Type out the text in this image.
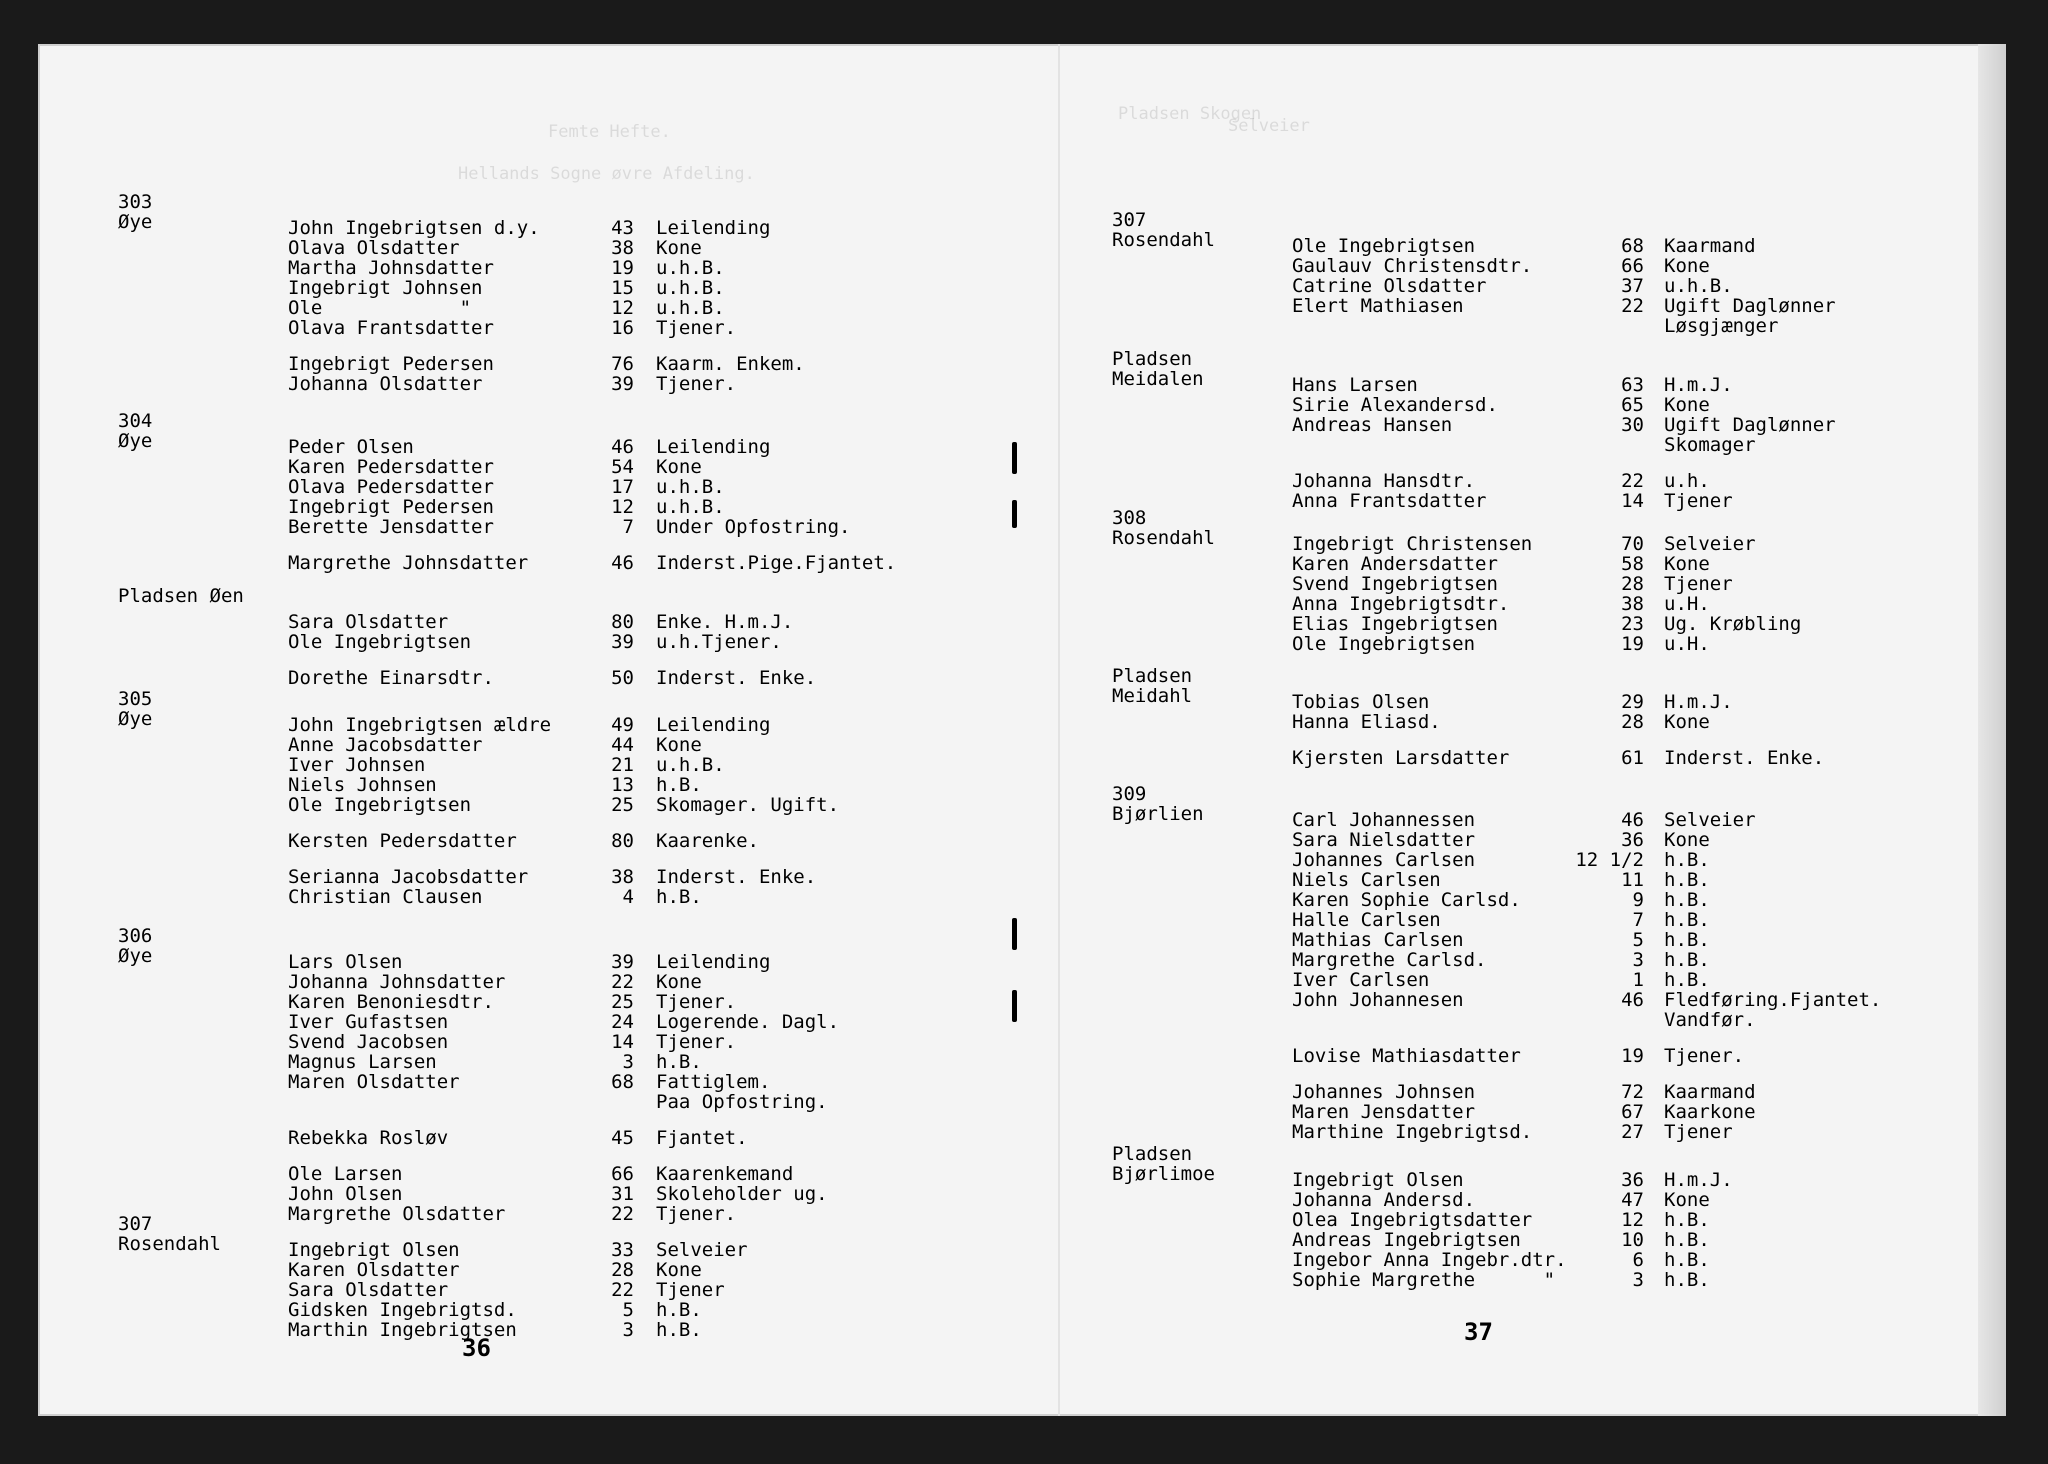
Femte Hefte.
Hellands Sogne øvre Afdeling.
Pladsen Skogen
Selveier
303
Øye	John Ingebrigtsen d.y.	43 Leilending
Olava Olsdatter	38 Kone
Martha Johnsdatter	19 u.h.B.
Ingebrigt Johnsen	15 u.h.B.
Ole            "	12 u.h.B.
Olava Frantsdatter	16 Tjener.
Ingebrigt Pedersen	76 Kaarm. Enkem.
Johanna Olsdatter	39 Tjener.
304
Øye	Peder Olsen	46 Leilending
Karen Pedersdatter	54 Kone
Olava Pedersdatter	17 u.h.B.
Ingebrigt Pedersen	12 u.h.B.
Berette Jensdatter	7 Under Opfostring.
Margrethe Johnsdatter	46 Inderst.Pige.Fjantet.
Pladsen Øen
Sara Olsdatter	80 Enke. H.m.J.
Ole Ingebrigtsen	39 u.h.Tjener.
Dorethe Einarsdtr.	50 Inderst. Enke.
305
Øye	John Ingebrigtsen ældre	49 Leilending
Anne Jacobsdatter	44 Kone
Iver Johnsen	21 u.h.B.
Niels Johnsen	13 h.B.
Ole Ingebrigtsen	25 Skomager. Ugift.
Kersten Pedersdatter	80 Kaarenke.
Serianna Jacobsdatter	38 Inderst. Enke.
Christian Clausen	4 h.B.
306
Øye	Lars Olsen	39 Leilending
Johanna Johnsdatter	22 Kone
Karen Benoniesdtr.	25 Tjener.
Iver Gufastsen	24 Logerende. Dagl.
Svend Jacobsen	14 Tjener.
Magnus Larsen	3 h.B.
Maren Olsdatter	68 Fattiglem.
Paa Opfostring.
Rebekka Rosløv	45 Fjantet.
Ole Larsen	66 Kaarenkemand
John Olsen	31 Skoleholder ug.
Margrethe Olsdatter	22 Tjener.
307
Rosendahl	Ingebrigt Olsen	33 Selveier
Karen Olsdatter	28 Kone
Sara Olsdatter	22 Tjener
Gidsken Ingebrigtsd.	5 h.B.
Marthin Ingebrigtsen	3 h.B.
307
Rosendahl	Ole Ingebrigtsen	68 Kaarmand
Gaulauv Christensdtr.	66 Kone
Catrine Olsdatter	37 u.h.B.
Elert Mathiasen	22 Ugift Daglønner
Løsgjænger
Pladsen
Meidalen	Hans Larsen	63 H.m.J.
Sirie Alexandersd.	65 Kone
Andreas Hansen	30 Ugift Daglønner
Skomager
Johanna Hansdtr.	22 u.h.
Anna Frantsdatter	14 Tjener
308
Rosendahl	Ingebrigt Christensen	70 Selveier
Karen Andersdatter	58 Kone
Svend Ingebrigtsen	28 Tjener
Anna Ingebrigtsdtr.	38 u.H.
Elias Ingebrigtsen	23 Ug. Krøbling
Ole Ingebrigtsen	19 u.H.
Pladsen
Meidahl	Tobias Olsen	29 H.m.J.
Hanna Eliasd.	28 Kone
Kjersten Larsdatter	61 Inderst. Enke.
309
Bjørlien	Carl Johannessen	46 Selveier
Sara Nielsdatter	36 Kone
Johannes Carlsen	12 1/2 h.B.
Niels Carlsen	11 h.B.
Karen Sophie Carlsd.	9 h.B.
Halle Carlsen	7 h.B.
Mathias Carlsen	5 h.B.
Margrethe Carlsd.	3 h.B.
Iver Carlsen	1 h.B.
John Johannesen	46 Fledføring.Fjantet.
Vandfør.
Lovise Mathiasdatter	19 Tjener.
Johannes Johnsen	72 Kaarmand
Maren Jensdatter	67 Kaarkone
Marthine Ingebrigtsd.	27 Tjener
Pladsen
Bjørlimoe	Ingebrigt Olsen	36 H.m.J.
Johanna Andersd.	47 Kone
Olea Ingebrigtsdatter	12 h.B.
Andreas Ingebrigtsen	10 h.B.
Ingebor Anna Ingebr.dtr.	6 h.B.
Sophie Margrethe      "	3 h.B.
36
37
